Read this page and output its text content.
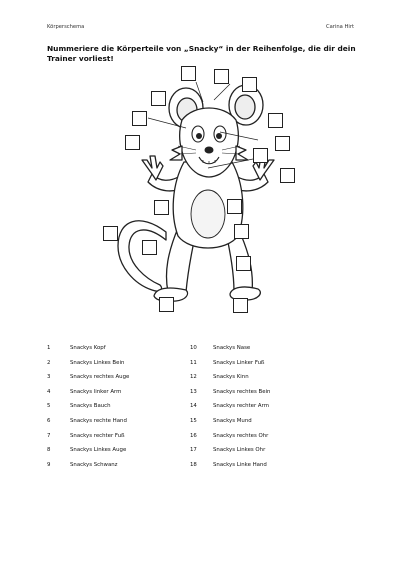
Körperschema	Carina Hirt
Nummeriere die Körperteile von „Snacky“ in der Reihenfolge, die dir dein Trainer vorliest!
1	Snackys Kopf
2	Snackys Linkes Bein
3	Snackys rechtes Auge
4	Snackys linker Arm
5	Snackys Bauch
6	Snackys rechte Hand
7	Snackys rechter Fuß
8	Snackys Linkes Auge
9	Snackys Schwanz
10	Snackys Nase
11	Snackys Linker Fuß
12	Snackys Kinn
13	Snackys rechtes Bein
14	Snackys rechter Arm
15	Snackys Mund
16	Snackys rechtes Ohr
17	Snackys Linkes Ohr
18	Snackys Linke Hand
